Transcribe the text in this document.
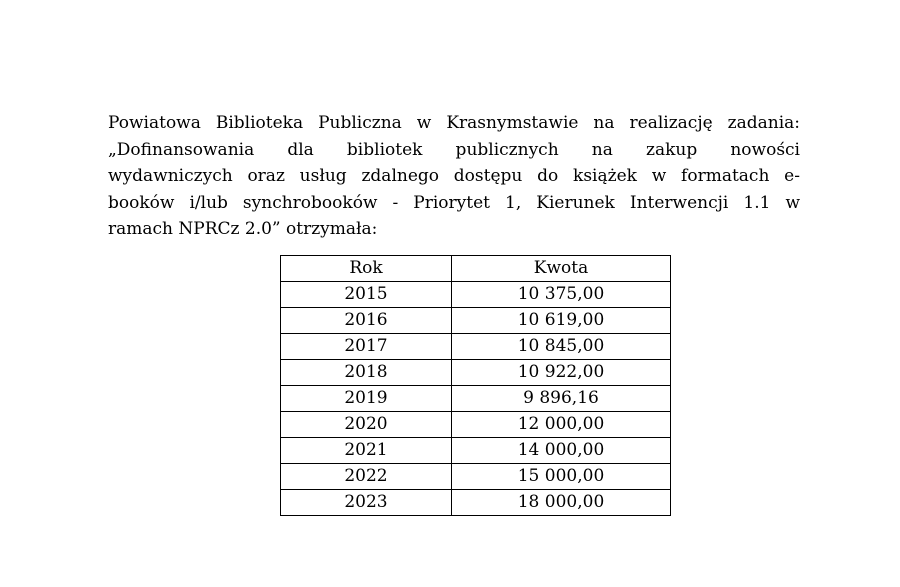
Powiatowa Biblioteka Publiczna w Krasnymstawie na realizację zadania:
„Dofinansowania dla bibliotek publicznych na zakup nowości
wydawniczych oraz usług zdalnego dostępu do książek w formatach e-
booków i/lub synchrobooków - Priorytet 1, Kierunek Interwencji 1.1 w
ramach NPRCz 2.0” otrzymała:

Rok	Kwota
2015	10 375,00
2016	10 619,00
2017	10 845,00
2018	10 922,00
2019	9 896,16
2020	12 000,00
2021	14 000,00
2022	15 000,00
2023	18 000,00
